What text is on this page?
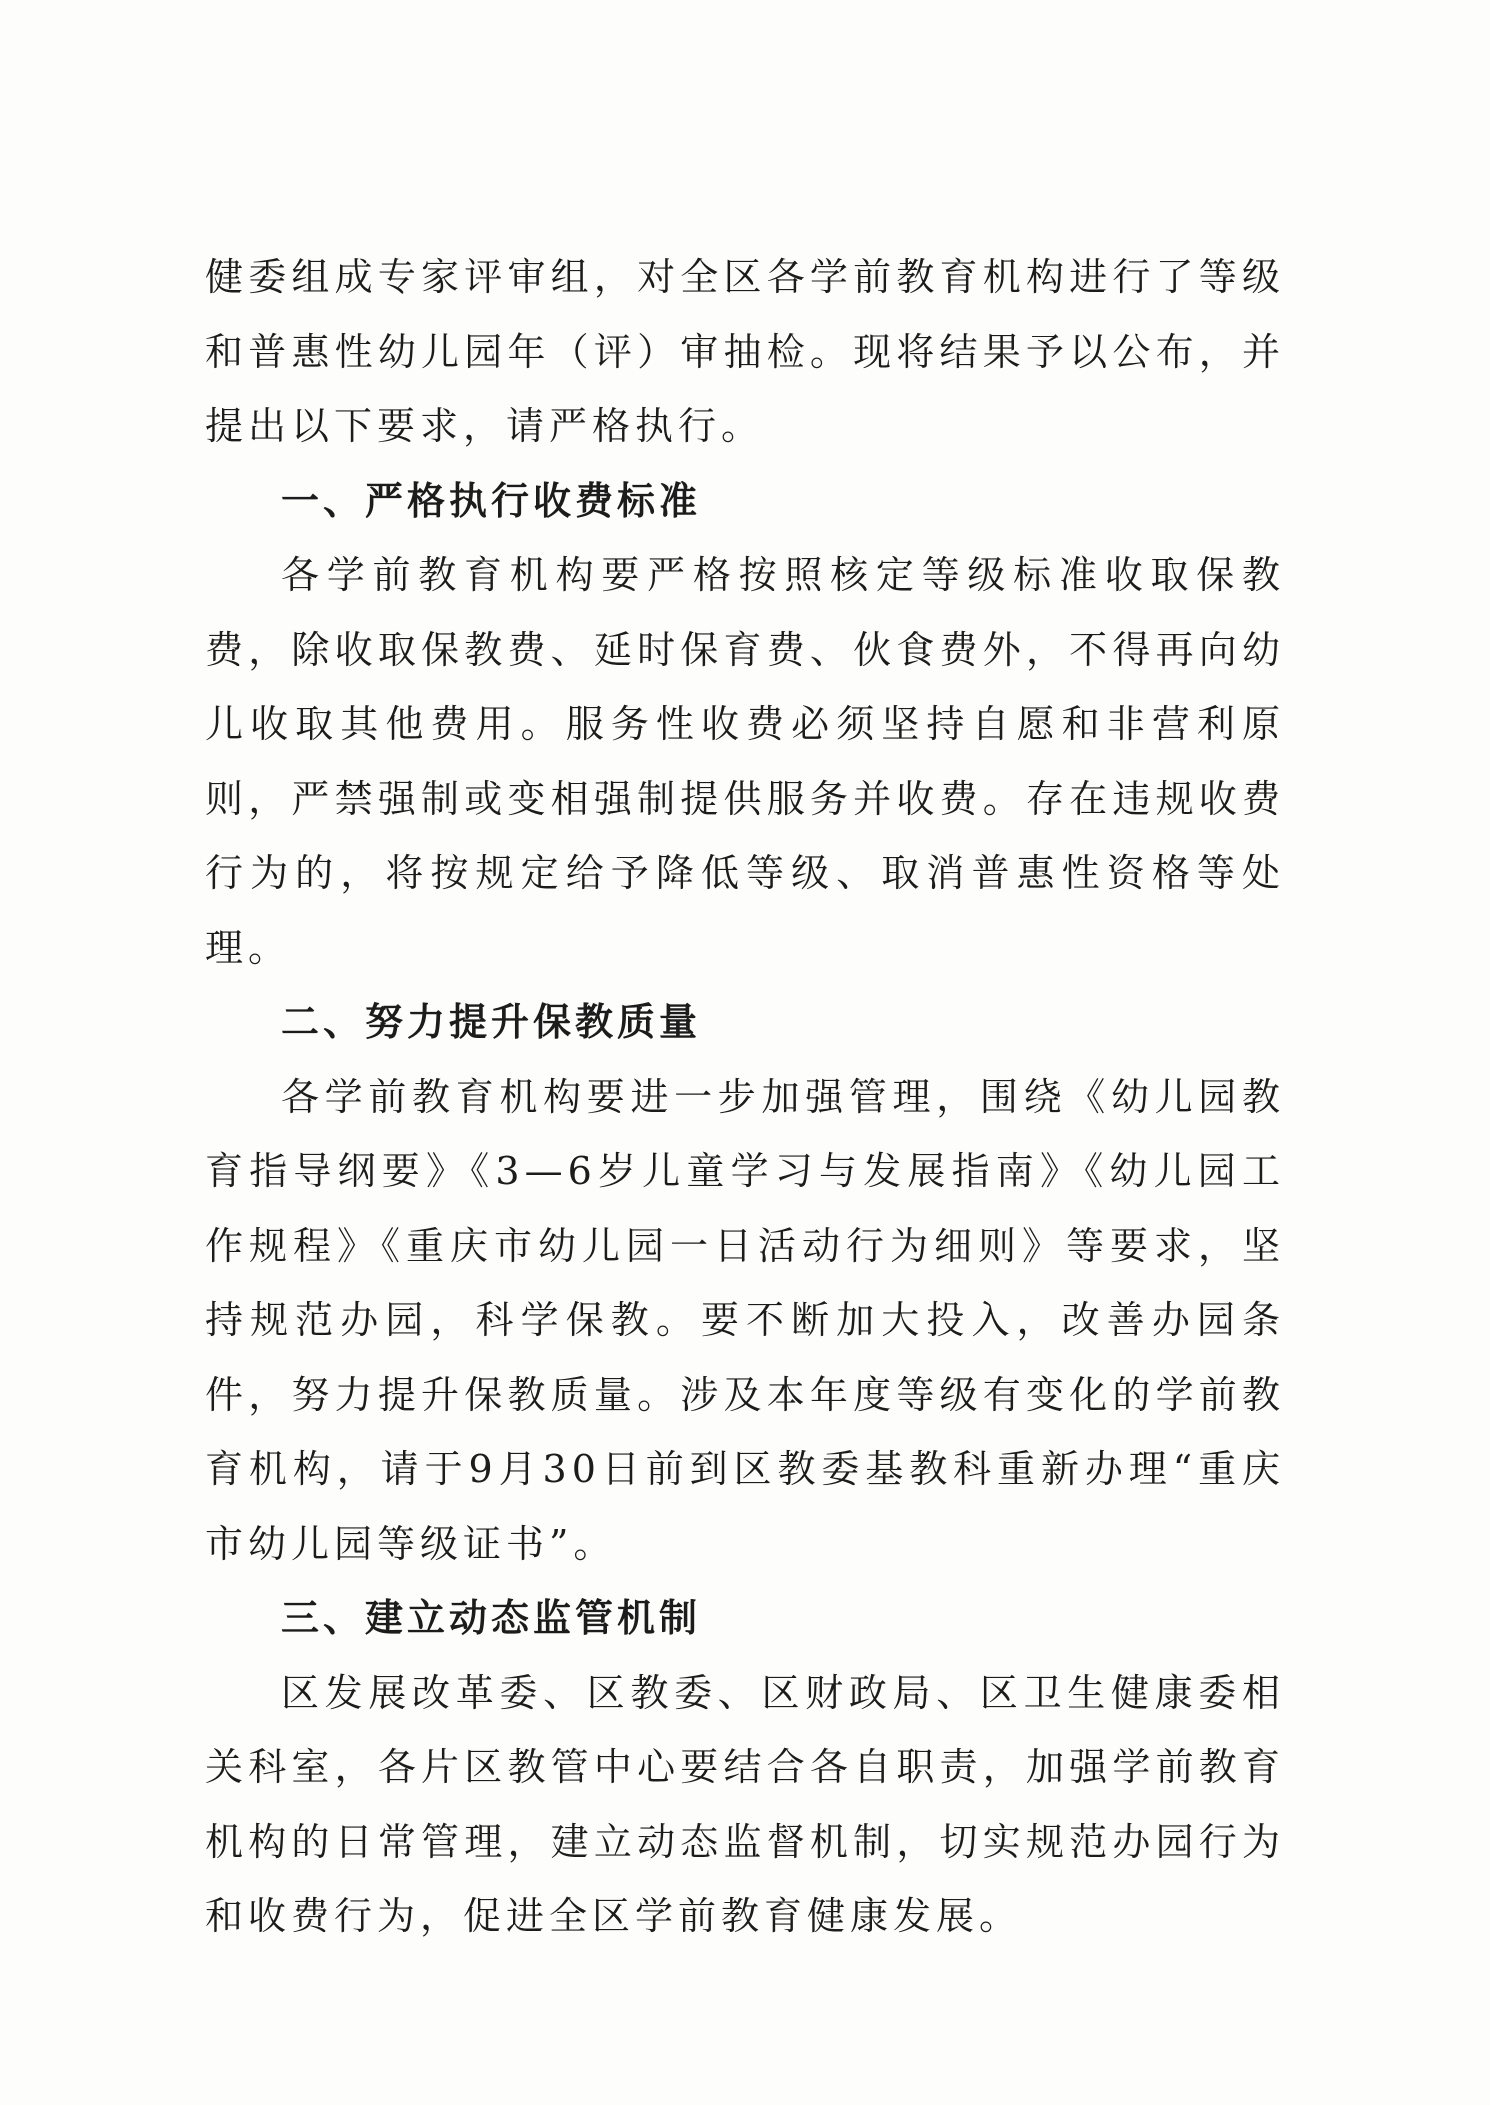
健委组成专家评审组，对全区各学前教育机构进行了等级和普惠性幼儿园年（评）审抽检。现将结果予以公布，并提出以下要求，请严格执行。

一、严格执行收费标准

各学前教育机构要严格按照核定等级标准收取保教费，除收取保教费、延时保育费、伙食费外，不得再向幼儿收取其他费用。服务性收费必须坚持自愿和非营利原则，严禁强制或变相强制提供服务并收费。存在违规收费行为的，将按规定给予降低等级、取消普惠性资格等处理。

二、努力提升保教质量

各学前教育机构要进一步加强管理，围绕《幼儿园教育指导纲要》《3—6岁儿童学习与发展指南》《幼儿园工作规程》《重庆市幼儿园一日活动行为细则》等要求，坚持规范办园，科学保教。要不断加大投入，改善办园条件，努力提升保教质量。涉及本年度等级有变化的学前教育机构，请于9月30日前到区教委基教科重新办理“重庆市幼儿园等级证书”。

三、建立动态监管机制

区发展改革委、区教委、区财政局、区卫生健康委相关科室，各片区教管中心要结合各自职责，加强学前教育机构的日常管理，建立动态监督机制，切实规范办园行为和收费行为，促进全区学前教育健康发展。
